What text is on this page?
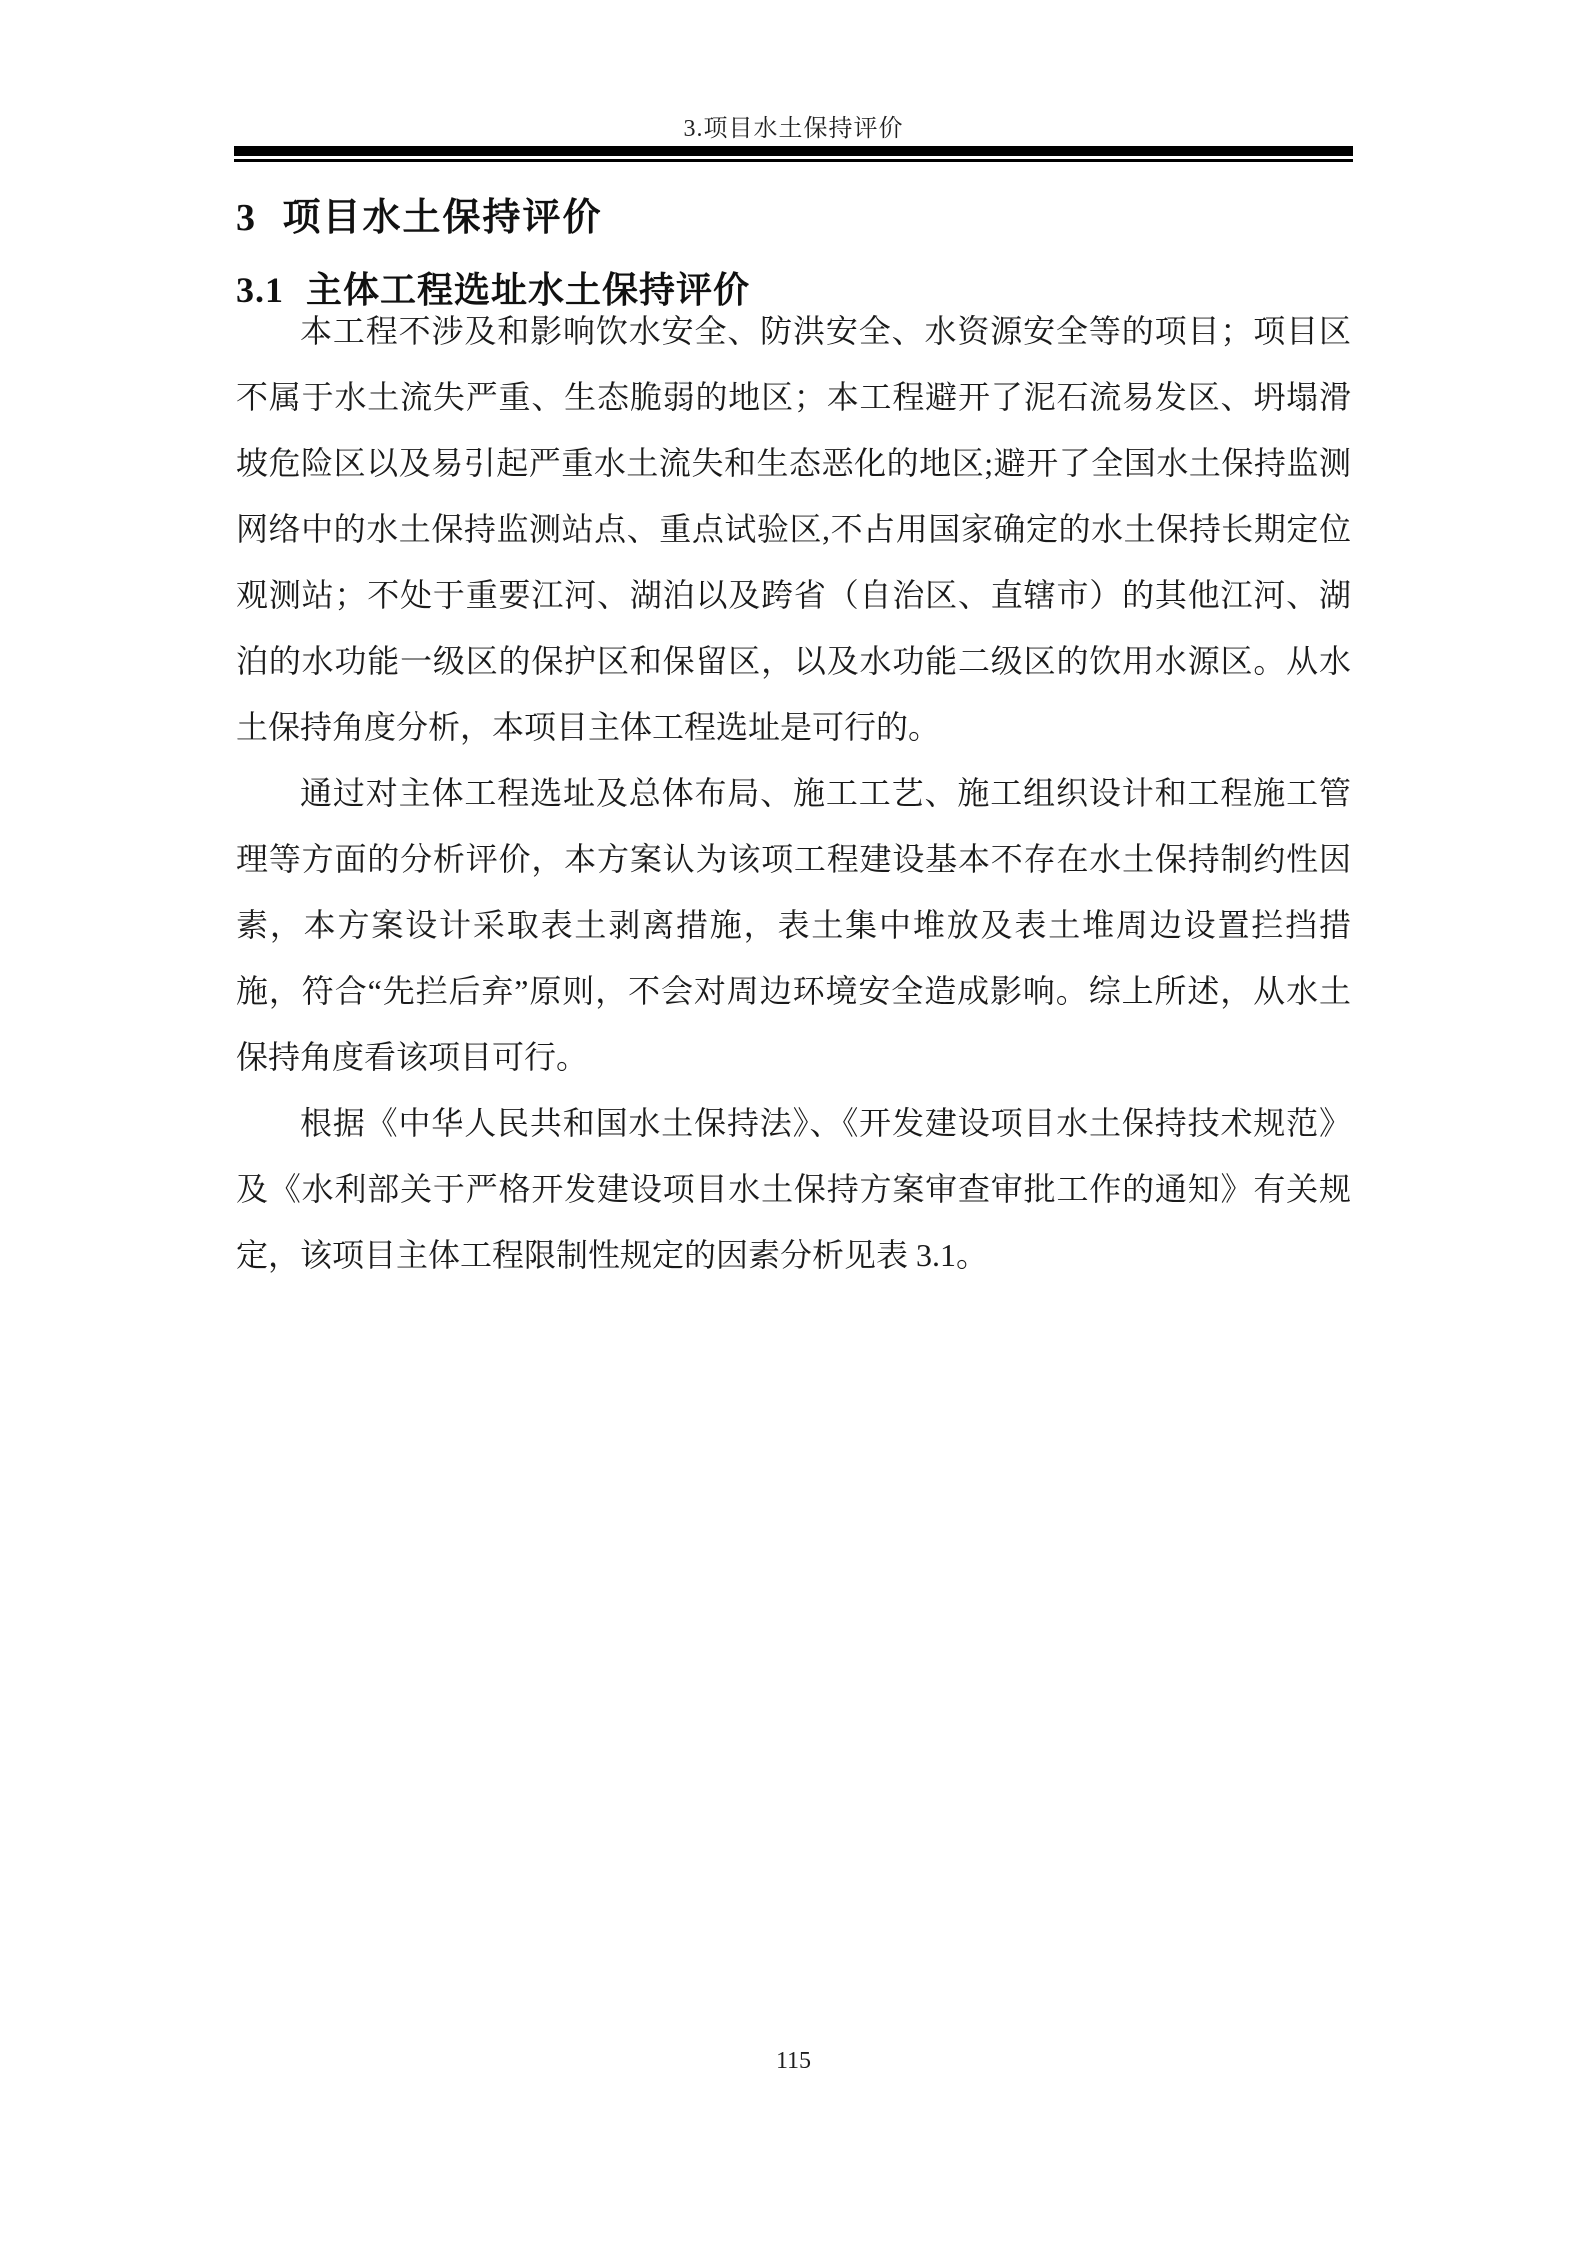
3.项目水土保持评价
3 项目水土保持评价
3.1 主体工程选址水土保持评价

本工程不涉及和影响饮水安全、防洪安全、水资源安全等的项目；项目区不属于水土流失严重、生态脆弱的地区；本工程避开了泥石流易发区、坍塌滑坡危险区以及易引起严重水土流失和生态恶化的地区;避开了全国水土保持监测网络中的水土保持监测站点、重点试验区,不占用国家确定的水土保持长期定位观测站；不处于重要江河、湖泊以及跨省（自治区、直辖市）的其他江河、湖泊的水功能一级区的保护区和保留区，以及水功能二级区的饮用水源区。从水土保持角度分析，本项目主体工程选址是可行的。

通过对主体工程选址及总体布局、施工工艺、施工组织设计和工程施工管理等方面的分析评价，本方案认为该项工程建设基本不存在水土保持制约性因素，本方案设计采取表土剥离措施，表土集中堆放及表土堆周边设置拦挡措施，符合“先拦后弃”原则，不会对周边环境安全造成影响。综上所述，从水土保持角度看该项目可行。

根据《中华人民共和国水土保持法》、《开发建设项目水土保持技术规范》及《水利部关于严格开发建设项目水土保持方案审查审批工作的通知》有关规定，该项目主体工程限制性规定的因素分析见表 3.1。

115
